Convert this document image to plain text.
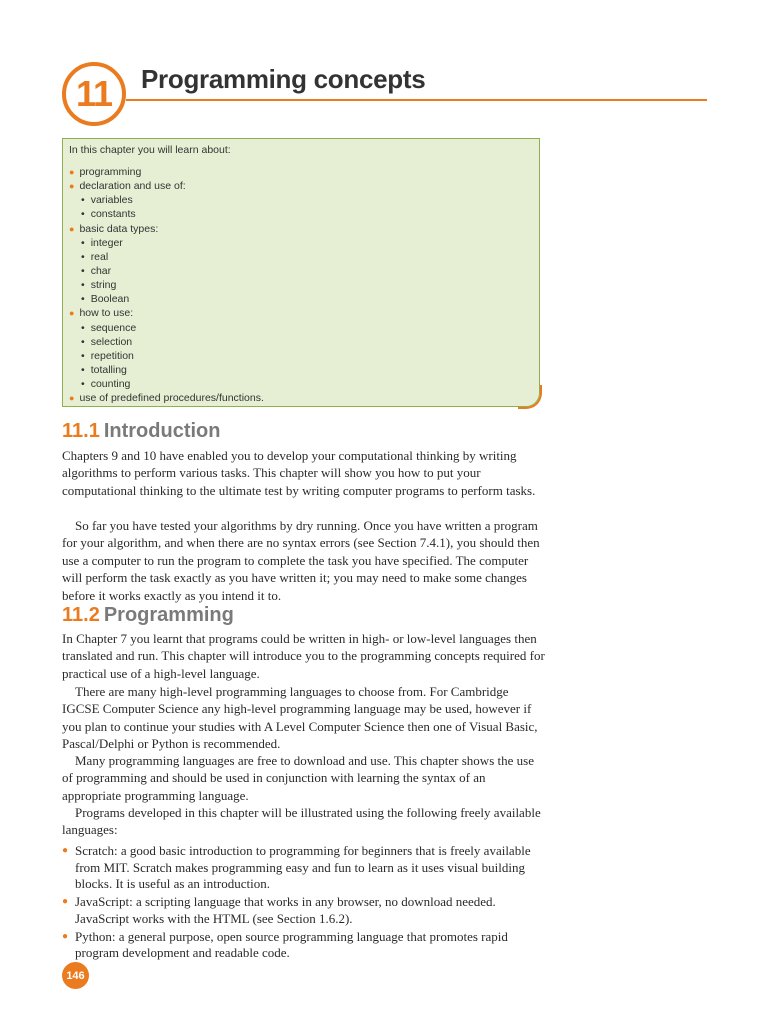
11	Programming concepts
In this chapter you will learn about:
● programming
● declaration and use of:
• variables
• constants
● basic data types:
• integer
• real
• char
• string
• Boolean
● how to use:
• sequence
• selection
• repetition
• totalling
• counting
● use of predefined procedures/functions.
11.1 Introduction

Chapters 9 and 10 have enabled you to develop your computational thinking by writing algorithms to perform various tasks. This chapter will show you how to put your computational thinking to the ultimate test by writing computer programs to perform tasks.

So far you have tested your algorithms by dry running. Once you have written a program for your algorithm, and when there are no syntax errors (see Section 7.4.1), you should then use a computer to run the program to complete the task you have specified. The computer will perform the task exactly as you have written it; you may need to make some changes before it works exactly as you intend it to.

11.2 Programming

In Chapter 7 you learnt that programs could be written in high- or low-level languages then translated and run. This chapter will introduce you to the programming concepts required for practical use of a high-level language.

There are many high-level programming languages to choose from. For Cambridge IGCSE Computer Science any high-level programming language may be used, however if you plan to continue your studies with A Level Computer Science then one of Visual Basic, Pascal/Delphi or Python is recommended.

Many programming languages are free to download and use. This chapter shows the use of programming and should be used in conjunction with learning the syntax of an appropriate programming language.

Programs developed in this chapter will be illustrated using the following freely available languages:

● Scratch: a good basic introduction to programming for beginners that is freely available from MIT. Scratch makes programming easy and fun to learn as it uses visual building blocks. It is useful as an introduction.
● JavaScript: a scripting language that works in any browser, no download needed. JavaScript works with the HTML (see Section 1.6.2).
● Python: a general purpose, open source programming language that promotes rapid program development and readable code.
146
